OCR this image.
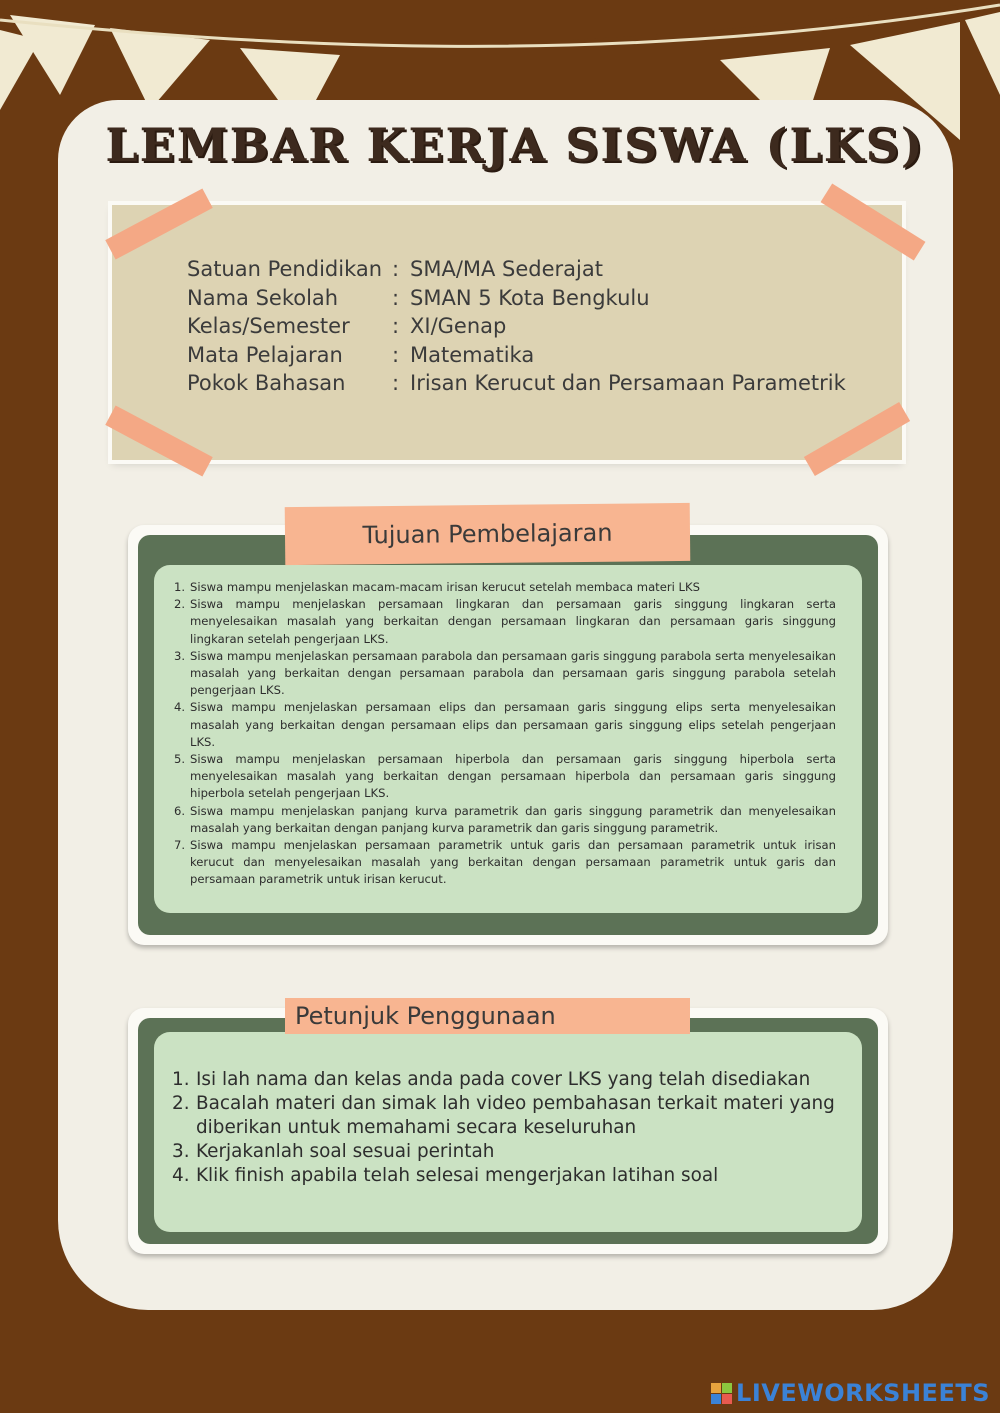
LEMBAR KERJA SISWA (LKS)
Satuan Pendidikan : SMA/MA Sederajat
Nama Sekolah	: SMAN 5 Kota Bengkulu
Kelas/Semester	: XI/Genap
Mata Pelajaran	: Matematika
Pokok Bahasan	: Irisan Kerucut dan Persamaan Parametrik
1. Siswa mampu menjelaskan macam-macam irisan kerucut setelah membaca materi LKS
2. Siswa mampu menjelaskan persamaan lingkaran dan persamaan garis singgung lingkaran serta menyelesaikan masalah yang berkaitan dengan persamaan lingkaran dan persamaan garis singgung lingkaran setelah pengerjaan LKS.
3. Siswa mampu menjelaskan persamaan parabola dan persamaan garis singgung parabola serta menyelesaikan masalah yang berkaitan dengan persamaan parabola dan persamaan garis singgung parabola setelah pengerjaan LKS.
4. Siswa mampu menjelaskan persamaan elips dan persamaan garis singgung elips serta menyelesaikan masalah yang berkaitan dengan persamaan elips dan persamaan garis singgung elips setelah pengerjaan LKS.
5. Siswa mampu menjelaskan persamaan hiperbola dan persamaan garis singgung hiperbola serta menyelesaikan masalah yang berkaitan dengan persamaan hiperbola dan persamaan garis singgung hiperbola setelah pengerjaan LKS.
6. Siswa mampu menjelaskan panjang kurva parametrik dan garis singgung parametrik dan menyelesaikan masalah yang berkaitan dengan panjang kurva parametrik dan garis singgung parametrik.
7. Siswa mampu menjelaskan persamaan parametrik untuk garis dan persamaan parametrik untuk irisan kerucut dan menyelesaikan masalah yang berkaitan dengan persamaan parametrik untuk garis dan persamaan parametrik untuk irisan kerucut.
Tujuan Pembelajaran
1. Isi lah nama dan kelas anda pada cover LKS yang telah disediakan
2. Bacalah materi dan simak lah video pembahasan terkait materi yang diberikan untuk memahami secara keseluruhan
3. Kerjakanlah soal sesuai perintah
4. Klik finish apabila telah selesai mengerjakan latihan soal
Petunjuk Penggunaan
LIVEWORKSHEETS
